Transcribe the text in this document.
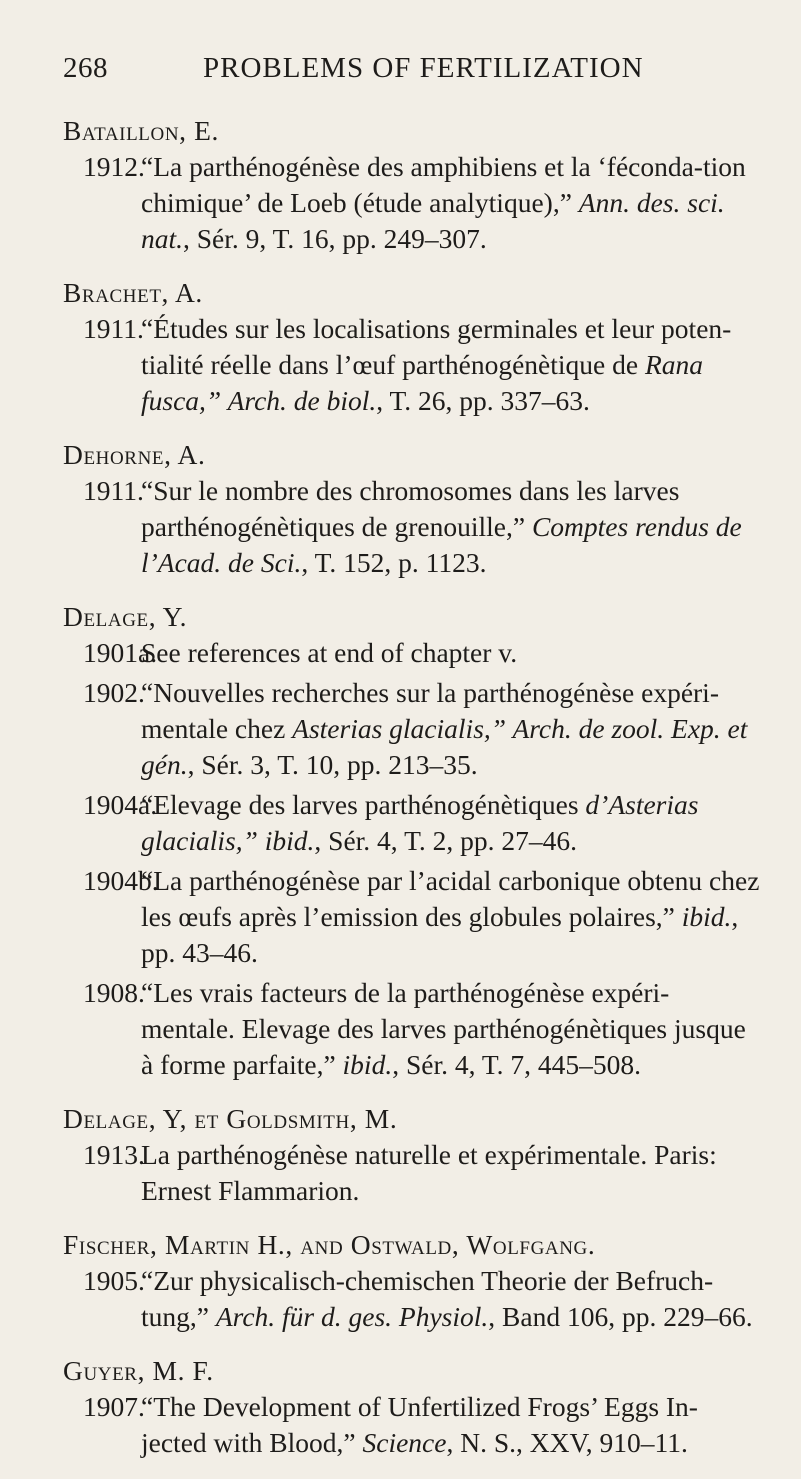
268	PROBLEMS OF FERTILIZATION
Bataillon, E.
1912.
“La parthénogénèse des amphibiens et la ‘féconda-tion chimique’ de Loeb (étude analytique),” Ann. des. sci. nat., Sér. 9, T. 16, pp. 249–307.
Brachet, A.
1911.
“Études sur les localisations germinales et leur poten-tialité réelle dans l’œuf parthénogénètique de Rana fusca,” Arch. de biol., T. 26, pp. 337–63.
Dehorne, A.
1911.
“Sur le nombre des chromosomes dans les larves parthénogénètiques de grenouille,” Comptes rendus de l’Acad. de Sci., T. 152, p. 1123.
Delage, Y.
1901a.
See references at end of chapter v.
1902.
“Nouvelles recherches sur la parthénogénèse expéri-mentale chez Asterias glacialis,” Arch. de zool. Exp. et gén., Sér. 3, T. 10, pp. 213–35.
1904a.
“Elevage des larves parthénogénètiques d’Asterias glacialis,” ibid., Sér. 4, T. 2, pp. 27–46.
1904b.
“La parthénogénèse par l’acidal carbonique obtenu chez les œufs après l’emission des globules polaires,” ibid., pp. 43–46.
1908.
“Les vrais facteurs de la parthénogénèse expéri-mentale. Elevage des larves parthénogénètiques jusque à forme parfaite,” ibid., Sér. 4, T. 7, 445–508.
Delage, Y, et Goldsmith, M.
1913.
La parthénogénèse naturelle et expérimentale. Paris: Ernest Flammarion.
Fischer, Martin H., and Ostwald, Wolfgang.
1905.
“Zur physicalisch-chemischen Theorie der Befruch-tung,” Arch. für d. ges. Physiol., Band 106, pp. 229–66.
Guyer, M. F.
1907.
“The Development of Unfertilized Frogs’ Eggs In-jected with Blood,” Science, N. S., XXV, 910–11.
